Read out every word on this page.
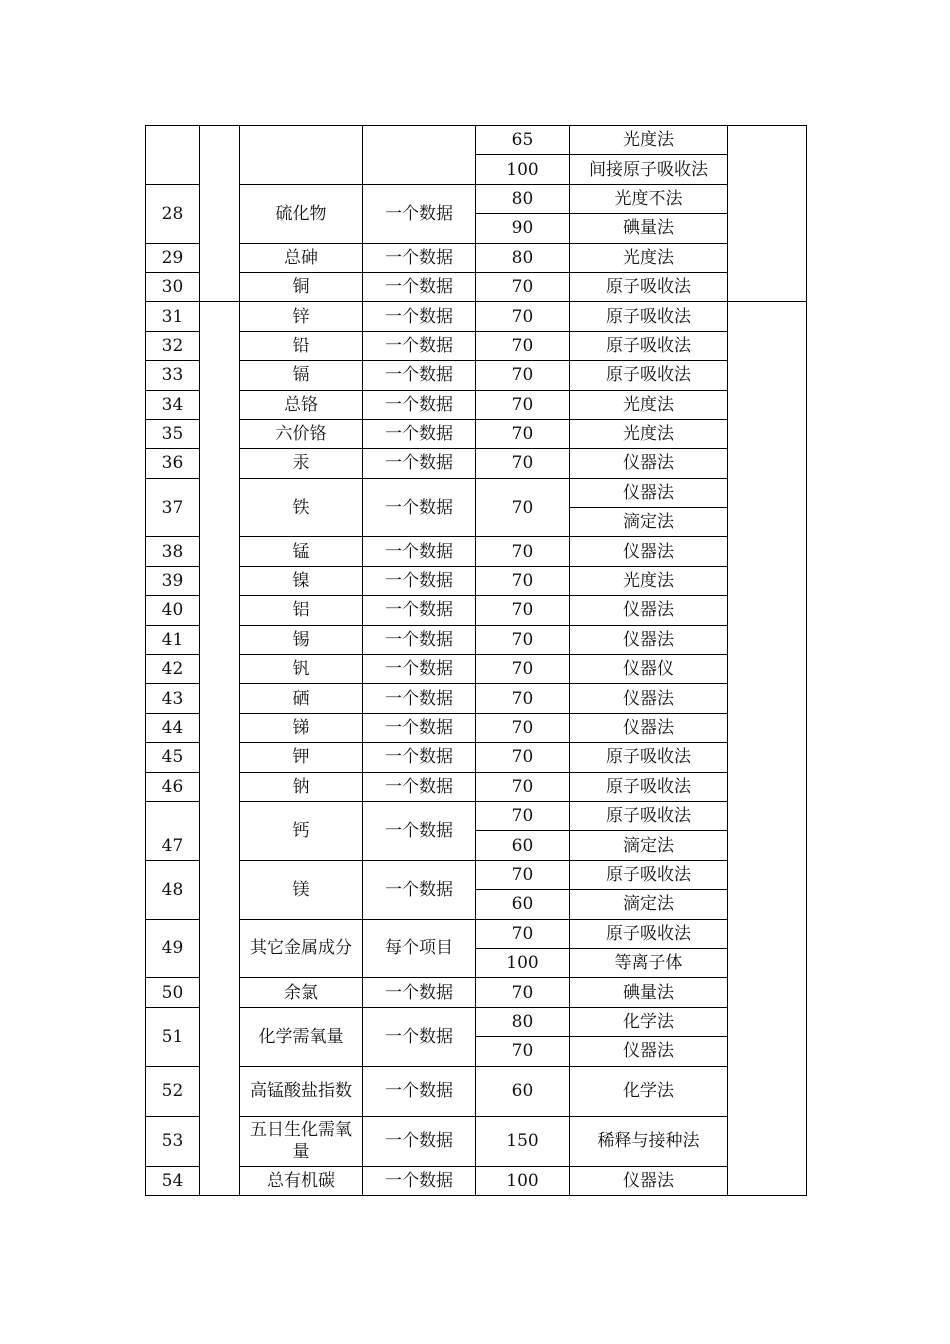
				65	光度法	
				100	间接原子吸收法	
28		硫化物	一个数据	80	光度不法	
				90	碘量法	
29		总砷	一个数据	80	光度法	
30		铜	一个数据	70	原子吸收法	
31		锌	一个数据	70	原子吸收法	
32		铅	一个数据	70	原子吸收法	
33		镉	一个数据	70	原子吸收法	
34		总铬	一个数据	70	光度法	
35		六价铬	一个数据	70	光度法	
36		汞	一个数据	70	仪器法	
37		铁	一个数据	70	仪器法	
					滴定法	
38		锰	一个数据	70	仪器法	
39		镍	一个数据	70	光度法	
40		铝	一个数据	70	仪器法	
41		锡	一个数据	70	仪器法	
42		钒	一个数据	70	仪器仪	
43		硒	一个数据	70	仪器法	
44		锑	一个数据	70	仪器法	
45		钾	一个数据	70	原子吸收法	
46		钠	一个数据	70	原子吸收法	
47		钙	一个数据	70	原子吸收法	
				60	滴定法	
48		镁	一个数据	70	原子吸收法	
				60	滴定法	
49		其它金属成分	每个项目	70	原子吸收法	
				100	等离子体	
50		余氯	一个数据	70	碘量法	
51		化学需氧量	一个数据	80	化学法	
				70	仪器法	
52		高锰酸盐指数	一个数据	60	化学法	
53		五日生化需氧量	一个数据	150	稀释与接种法	
54		总有机碳	一个数据	100	仪器法	
